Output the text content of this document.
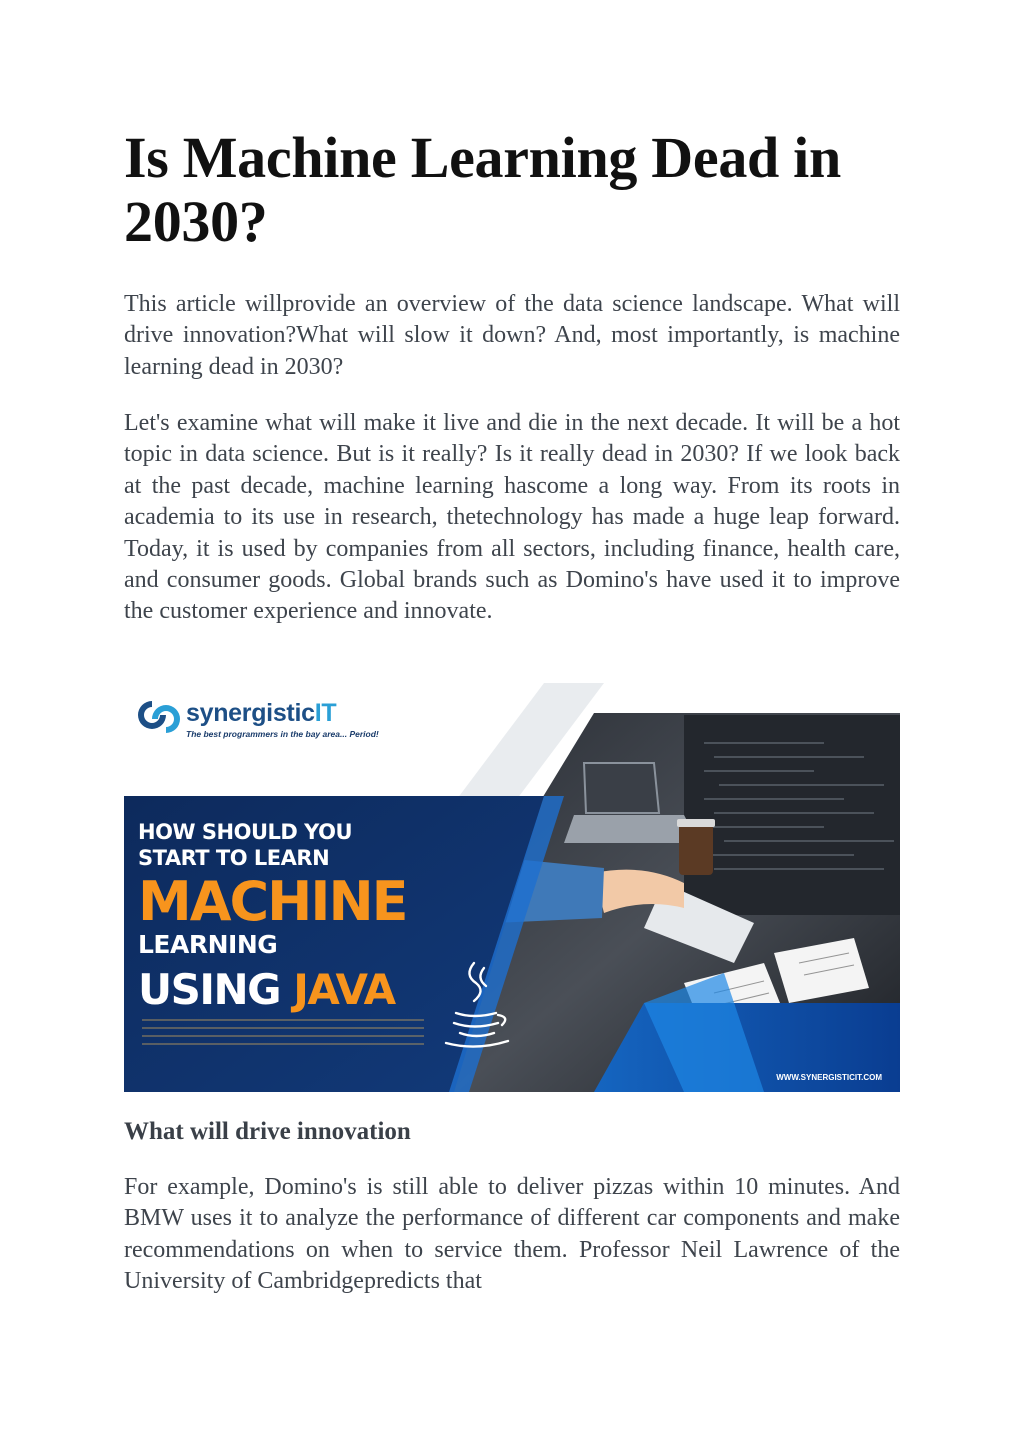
Is Machine Learning Dead in 2030?

This article willprovide an overview of the data science landscape. What will drive innovation?What will slow it down? And, most importantly, is machine learning dead in 2030?

Let's examine what will make it live and die in the next decade. It will be a hot topic in data science. But is it really? Is it really dead in 2030? If we look back at the past decade, machine learning hascome a long way. From its roots in academia to its use in research, thetechnology has made a huge leap forward. Today, it is used by companies from all sectors, including finance, health care, and consumer goods. Global brands such as Domino's have used it to improve the customer experience and innovate.

synergisticIT
The best programmers in the bay area... Period!
HOW SHOULD YOU
START TO LEARN
MACHINE
LEARNING
USING JAVA
WWW.SYNERGISTICIT.COM
What will drive innovation

For example, Domino's is still able to deliver pizzas within 10 minutes. And BMW uses it to analyze the performance of different car components and make recommendations on when to service them. Professor Neil Lawrence of the University of Cambridgepredicts that
